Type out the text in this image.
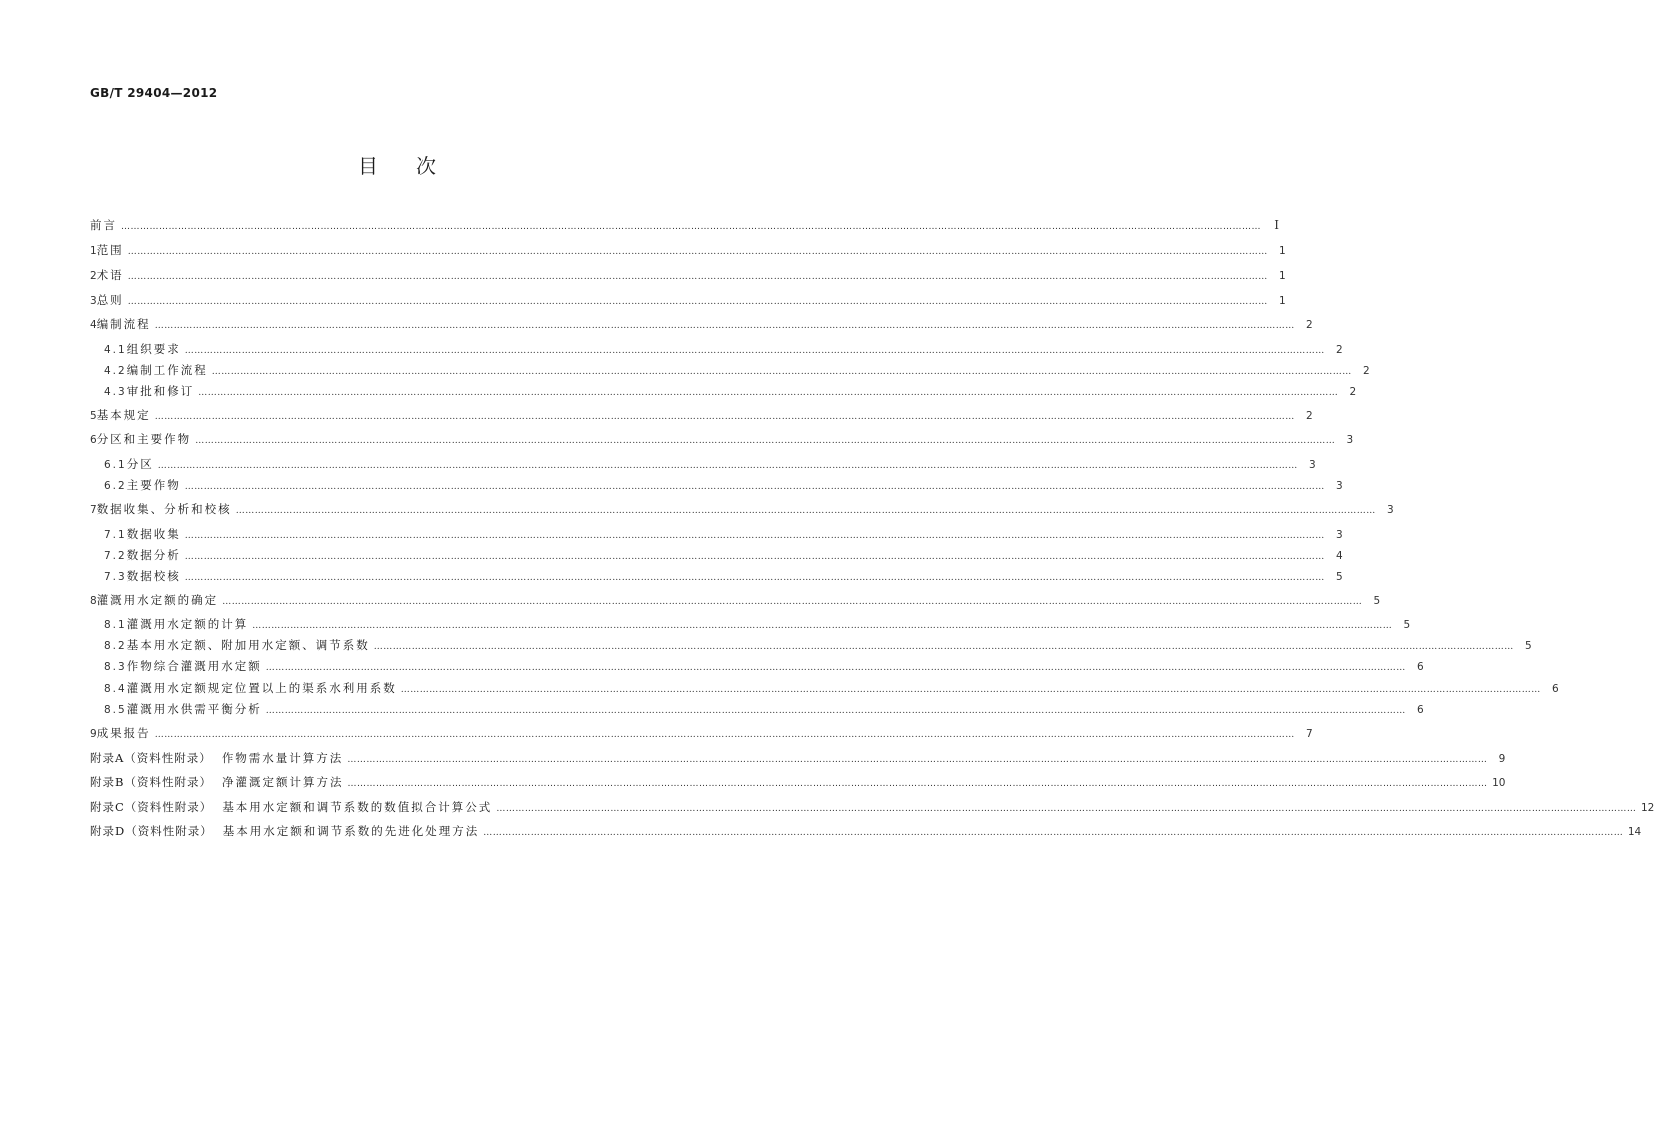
GB/T 29404—2012
目次
前言 ………………………………………………………………………………………………………………………………………………………………………………………………………………………………………………………………………………………………………………………………	Ⅰ
1 范围 ………………………………………………………………………………………………………………………………………………………………………………………………………………………………………………………………………………………………………………………………	1
2 术语 ………………………………………………………………………………………………………………………………………………………………………………………………………………………………………………………………………………………………………………………………	1
3 总则 ………………………………………………………………………………………………………………………………………………………………………………………………………………………………………………………………………………………………………………………………	1
4 编制流程 ………………………………………………………………………………………………………………………………………………………………………………………………………………………………………………………………………………………………………………………………	2
4.1 组织要求 ………………………………………………………………………………………………………………………………………………………………………………………………………………………………………………………………………………………………………………………………	2
4.2 编制工作流程 ………………………………………………………………………………………………………………………………………………………………………………………………………………………………………………………………………………………………………………………………	2
4.3 审批和修订 ………………………………………………………………………………………………………………………………………………………………………………………………………………………………………………………………………………………………………………………………	2
5 基本规定 ………………………………………………………………………………………………………………………………………………………………………………………………………………………………………………………………………………………………………………………………	2
6 分区和主要作物 ………………………………………………………………………………………………………………………………………………………………………………………………………………………………………………………………………………………………………………………………	3
6.1 分区 ………………………………………………………………………………………………………………………………………………………………………………………………………………………………………………………………………………………………………………………………	3
6.2 主要作物 ………………………………………………………………………………………………………………………………………………………………………………………………………………………………………………………………………………………………………………………………	3
7 数据收集、分析和校核 ………………………………………………………………………………………………………………………………………………………………………………………………………………………………………………………………………………………………………………………………	3
7.1 数据收集 ………………………………………………………………………………………………………………………………………………………………………………………………………………………………………………………………………………………………………………………………	3
7.2 数据分析 ………………………………………………………………………………………………………………………………………………………………………………………………………………………………………………………………………………………………………………………………	4
7.3 数据校核 ………………………………………………………………………………………………………………………………………………………………………………………………………………………………………………………………………………………………………………………………	5
8 灌溉用水定额的确定 ………………………………………………………………………………………………………………………………………………………………………………………………………………………………………………………………………………………………………………………………	5
8.1 灌溉用水定额的计算 ………………………………………………………………………………………………………………………………………………………………………………………………………………………………………………………………………………………………………………………………	5
8.2 基本用水定额、附加用水定额、调节系数 ………………………………………………………………………………………………………………………………………………………………………………………………………………………………………………………………………………………………………………………………	5
8.3 作物综合灌溉用水定额 ………………………………………………………………………………………………………………………………………………………………………………………………………………………………………………………………………………………………………………………………	6
8.4 灌溉用水定额规定位置以上的渠系水利用系数 ………………………………………………………………………………………………………………………………………………………………………………………………………………………………………………………………………………………………………………………………	6
8.5 灌溉用水供需平衡分析 ………………………………………………………………………………………………………………………………………………………………………………………………………………………………………………………………………………………………………………………………	6
9 成果报告 ………………………………………………………………………………………………………………………………………………………………………………………………………………………………………………………………………………………………………………………………	7
附录A（资料性附录） 作物需水量计算方法 ………………………………………………………………………………………………………………………………………………………………………………………………………………………………………………………………………………………………………………………………	9
附录B（资料性附录） 净灌溉定额计算方法 ……………………………………………………………………………………………………………………………………………………………………………………………………………………………………………………………………………………………………………………………… 10
附录C（资料性附录） 基本用水定额和调节系数的数值拟合计算公式 ……………………………………………………………………………………………………………………………………………………………………………………………………………………………………………………………………………………………………………………………… 12
附录D（资料性附录） 基本用水定额和调节系数的先进化处理方法 ……………………………………………………………………………………………………………………………………………………………………………………………………………………………………………………………………………………………………………………………… 14
